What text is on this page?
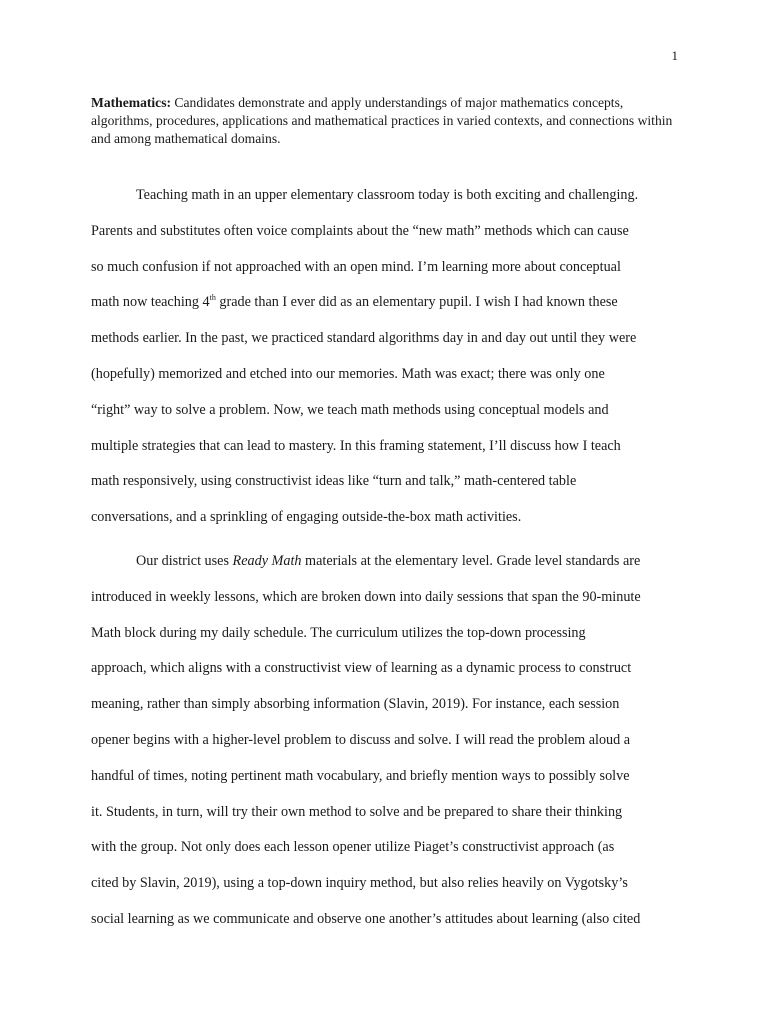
1

Mathematics: Candidates demonstrate and apply understandings of major mathematics concepts, algorithms, procedures, applications and mathematical practices in varied contexts, and connections within and among mathematical domains.

Teaching math in an upper elementary classroom today is both exciting and challenging.
Parents and substitutes often voice complaints about the “new math” methods which can cause
so much confusion if not approached with an open mind. I’m learning more about conceptual
math now teaching 4th grade than I ever did as an elementary pupil. I wish I had known these
methods earlier. In the past, we practiced standard algorithms day in and day out until they were
(hopefully) memorized and etched into our memories. Math was exact; there was only one
“right” way to solve a problem. Now, we teach math methods using conceptual models and
multiple strategies that can lead to mastery. In this framing statement, I’ll discuss how I teach
math responsively, using constructivist ideas like “turn and talk,” math-centered table
conversations, and a sprinkling of engaging outside-the-box math activities.

Our district uses Ready Math materials at the elementary level. Grade level standards are
introduced in weekly lessons, which are broken down into daily sessions that span the 90-minute
Math block during my daily schedule. The curriculum utilizes the top-down processing
approach, which aligns with a constructivist view of learning as a dynamic process to construct
meaning, rather than simply absorbing information (Slavin, 2019). For instance, each session
opener begins with a higher-level problem to discuss and solve. I will read the problem aloud a
handful of times, noting pertinent math vocabulary, and briefly mention ways to possibly solve
it. Students, in turn, will try their own method to solve and be prepared to share their thinking
with the group. Not only does each lesson opener utilize Piaget’s constructivist approach (as
cited by Slavin, 2019), using a top-down inquiry method, but also relies heavily on Vygotsky’s
social learning as we communicate and observe one another’s attitudes about learning (also cited
